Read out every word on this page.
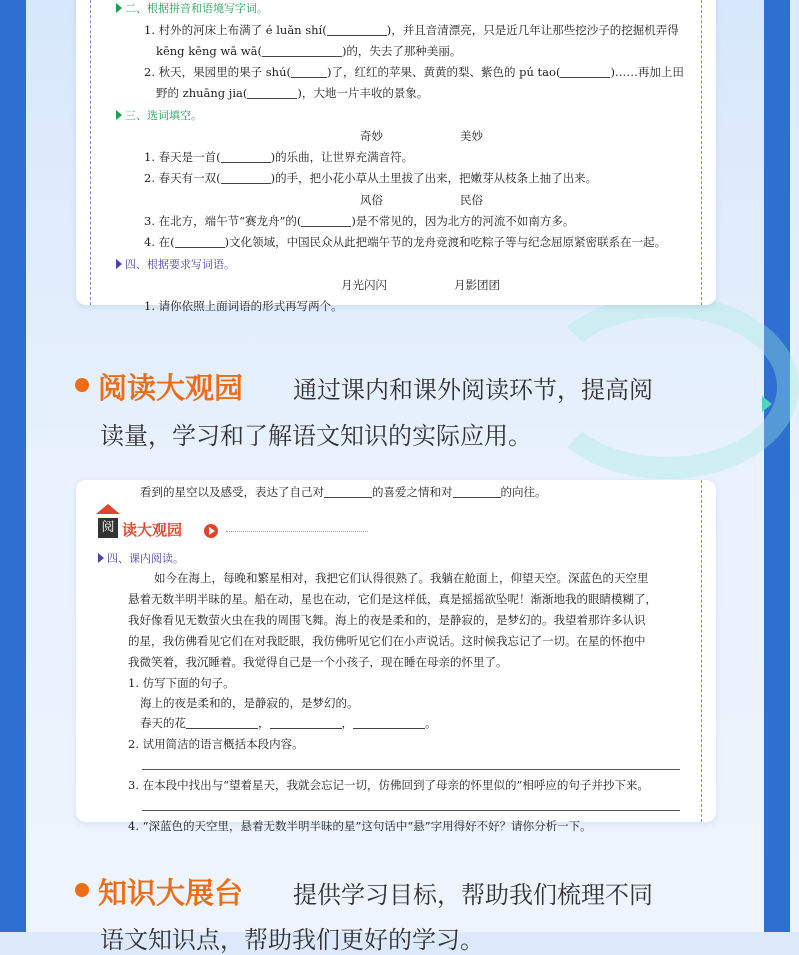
二、根据拼音和语境写字词。
1. 村外的河床上布满了 é luǎn shí(	)，并且音清漂亮，只是近几年让那些挖沙子的挖掘机弄得
kēng kēng wā wā(	)的，失去了那种美丽。
2. 秋天，果园里的果子 shú(	)了，红红的苹果、黄黄的梨、紫色的 pú tao(	)……再加上田
野的 zhuāng jia(	)，大地一片丰收的景象。
三、选词填空。
奇妙	美妙
1. 春天是一首(	)的乐曲，让世界充满音符。
2. 春天有一双(	)的手，把小花小草从土里拔了出来，把嫩芽从枝条上抽了出来。
风俗	民俗
3. 在北方，端午节“赛龙舟”的(	)是不常见的，因为北方的河流不如南方多。
4. 在(	)文化领域，中国民众从此把端午节的龙舟竞渡和吃粽子等与纪念屈原紧密联系在一起。
四、根据要求写词语。
月光闪闪	月影团团
1. 请你依照上面词语的形式再写两个。
阅读大观园 通过课内和课外阅读环节，提高阅
读量，学习和了解语文知识的实际应用。
看到的星空以及感受，表达了自己对	的喜爱之情和对	的向往。
四、课内阅读。
如今在海上，每晚和繁星相对，我把它们认得很熟了。我躺在舱面上，仰望天空。深蓝色的天空里
悬着无数半明半昧的星。船在动，星也在动，它们是这样低，真是摇摇欲坠呢！渐渐地我的眼睛模糊了，
我好像看见无数萤火虫在我的周围飞舞。海上的夜是柔和的，是静寂的，是梦幻的。我望着那许多认识
的星，我仿佛看见它们在对我眨眼，我仿佛听见它们在小声说话。这时候我忘记了一切。在星的怀抱中
我微笑着，我沉睡着。我觉得自己是一个小孩子，现在睡在母亲的怀里了。
1. 仿写下面的句子。
海上的夜是柔和的，是静寂的，是梦幻的。
春天的花	，	，	。
2. 试用简洁的语言概括本段内容。
3. 在本段中找出与“望着星天，我就会忘记一切，仿佛回到了母亲的怀里似的”相呼应的句子并抄下来。
4. “深蓝色的天空里，悬着无数半明半昧的星”这句话中“悬”字用得好不好？请你分析一下。
阅 读大观园
知识大展台 提供学习目标，帮助我们梳理不同
语文知识点，帮助我们更好的学习。
